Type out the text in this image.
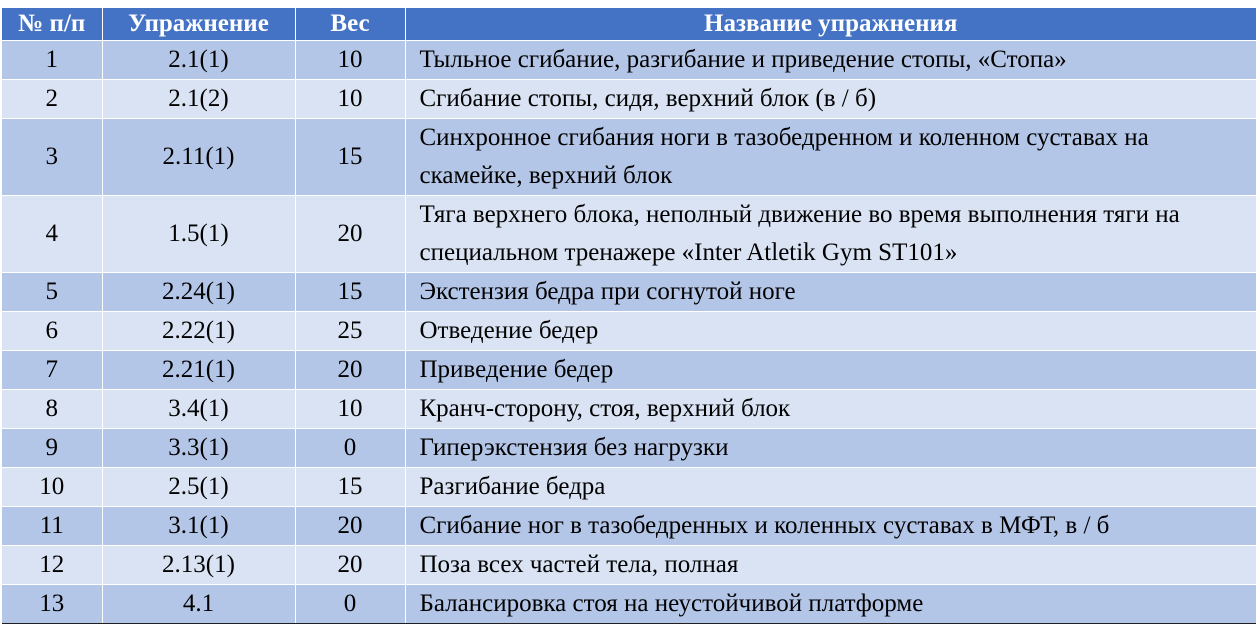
№ п/п	Упражнение	Вес	Название упражнения
1	2.1(1)	10	Тыльное сгибание, разгибание и приведение стопы, «Стопа»
2	2.1(2)	10	Сгибание стопы, сидя, верхний блок (в / б)
3	2.11(1)	15	Синхронное сгибания ноги в тазобедренном и коленном суставах на скамейке, верхний блок
4	1.5(1)	20	Тяга верхнего блока, неполный движение во время выполнения тяги на специальном тренажере «Inter Atletik Gym ST101»
5	2.24(1)	15	Экстензия бедра при согнутой ноге
6	2.22(1)	25	Отведение бедер
7	2.21(1)	20	Приведение бедер
8	3.4(1)	10	Кранч-сторону, стоя, верхний блок
9	3.3(1)	0	Гиперэкстензия без нагрузки
10	2.5(1)	15	Разгибание бедра
11	3.1(1)	20	Сгибание ног в тазобедренных и коленных суставах в МФТ, в / б
12	2.13(1)	20	Поза всех частей тела, полная
13	4.1	0	Балансировка стоя на неустойчивой платформе
